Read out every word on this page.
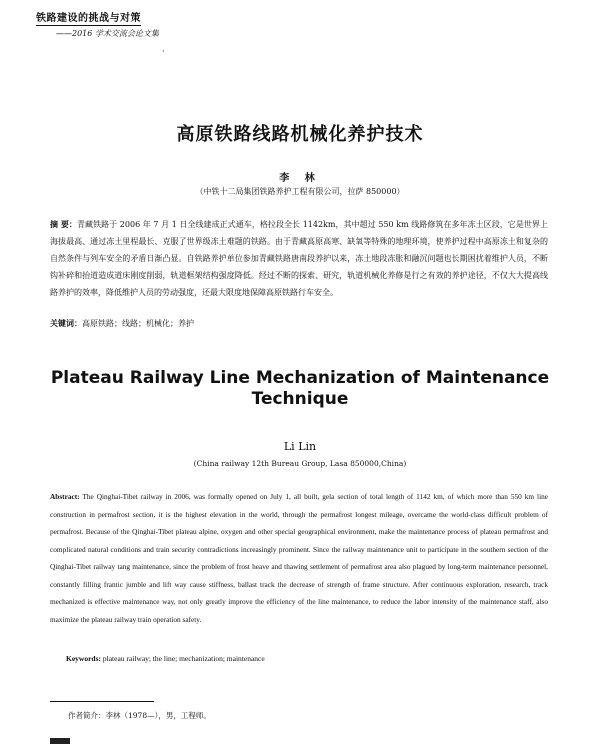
铁路建设的挑战与对策
——2016 学术交流会论文集
·
高原铁路线路机械化养护技术
李 林
（中铁十二局集团铁路养护工程有限公司，拉萨 850000）
摘 要：青藏铁路于 2006 年 7 月 1 日全线建成正式通车，格拉段全长 1142km，其中超过 550 km 线路修筑在多年冻土区段，它是世界上海拔最高、通过冻土里程最长、克服了世界级冻土难题的铁路。由于青藏高原高寒、缺氧等特殊的地理环境，使养护过程中高原冻土和复杂的自然条件与列车安全的矛盾日渐凸显。自铁路养护单位参加青藏铁路唐南段养护以来，冻土地段冻胀和融沉问题也长期困扰着维护人员，不断钩补碎和抬道造成道床刚度削弱，轨道框架结构强度降低。经过不断的探索、研究，轨道机械化养修是行之有效的养护途径，不仅大大提高线路养护的效率，降低维护人员的劳动强度，还最大限度地保障高原铁路行车安全。
关键词：高原铁路；线路；机械化；养护
Plateau Railway Line Mechanization of Maintenance
Technique
Li Lin
(China railway 12th Bureau Group, Lasa 850000,China)
Abstract: The Qinghai-Tibet railway in 2006, was formally opened on July 1, all built, gela section of total length of 1142 km, of which more than 550 km line construction in permafrost section, it is the highest elevation in the world, through the permafrost longest mileage, overcame the world-class difficult problem of permafrost. Because of the Qinghai-Tibet plateau alpine, oxygen and other special geographical environment, make the maintenance process of plateau permafrost and complicated natural conditions and train security contradictions increasingly prominent. Since the railway maintenance unit to participate in the southern section of the Qinghai-Tibet railway tang maintenance, since the problem of frost heave and thawing settlement of permafrost area also plagued by long-term maintenance personnel, constantly filling frantic jumble and lift way cause stiffness, ballast track the decrease of strength of frame structure. After continuous exploration, research, track mechanized is effective maintenance way, not only greatly improve the efficiency of the line maintenance, to reduce the labor intensity of the maintenance staff, also maximize the plateau railway train operation safety.
Keywords: plateau railway; the line; mechanization; maintenance
作者简介：李林（1978—），男，工程师。
